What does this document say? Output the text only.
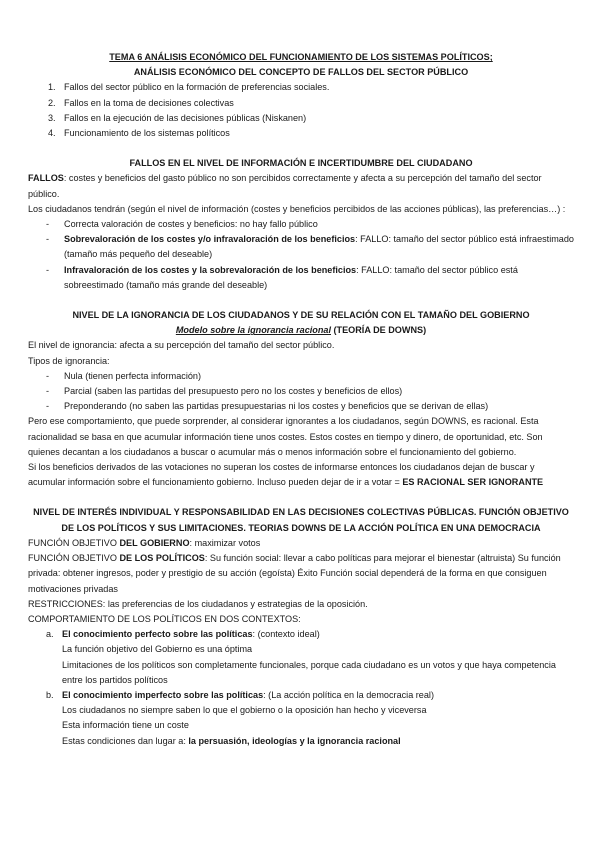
TEMA 6 ANÁLISIS ECONÓMICO DEL FUNCIONAMIENTO DE LOS SISTEMAS POLÍTICOS;

ANÁLISIS ECONÓMICO DEL CONCEPTO DE FALLOS DEL SECTOR PÚBLICO

1. Fallos del sector público en la formación de preferencias sociales.
2. Fallos en la toma de decisiones colectivas
3. Fallos en la ejecución de las decisiones públicas (Niskanen)
4. Funcionamiento de los sistemas políticos

FALLOS EN EL NIVEL DE INFORMACIÓN E INCERTIDUMBRE DEL CIUDADANO

FALLOS: costes y beneficios del gasto público no son percibidos correctamente y afecta a su percepción del tamaño del sector público.

Los ciudadanos tendrán (según el nivel de información (costes y beneficios percibidos de las acciones públicas), las preferencias…) :

- Correcta valoración de costes y beneficios: no hay fallo público
- Sobrevaloración de los costes y/o infravaloración de los beneficios: FALLO: tamaño del sector público está infraestimado (tamaño más pequeño del deseable)
- Infravaloración de los costes y la sobrevaloración de los beneficios: FALLO: tamaño del sector público está sobreestimado (tamaño más grande del deseable)

NIVEL DE LA IGNORANCIA DE LOS CIUDADANOS Y DE SU RELACIÓN CON EL TAMAÑO DEL GOBIERNO

Modelo sobre la ignorancia racional (TEORÍA DE DOWNS)

El nivel de ignorancia: afecta a su percepción del tamaño del sector público.

Tipos de ignorancia:

- Nula (tienen perfecta información)
- Parcial (saben las partidas del presupuesto pero no los costes y beneficios de ellos)
- Preponderando (no saben las partidas presupuestarias ni los costes y beneficios que se derivan de ellas)

Pero ese comportamiento, que puede sorprender, al considerar ignorantes a los ciudadanos, según DOWNS, es racional. Esta racionalidad se basa en que acumular información tiene unos costes. Estos costes en tiempo y dinero, de oportunidad, etc. Son quienes decantan a los ciudadanos a buscar o acumular más o menos información sobre el funcionamiento del gobierno.

Si los beneficios derivados de las votaciones no superan los costes de informarse entonces los ciudadanos dejan de buscar y acumular información sobre el funcionamiento gobierno. Incluso pueden dejar de ir a votar = ES RACIONAL SER IGNORANTE

NIVEL DE INTERÉS INDIVIDUAL Y RESPONSABILIDAD EN LAS DECISIONES COLECTIVAS PÚBLICAS. FUNCIÓN OBJETIVO DE LOS POLÍTICOS Y SUS LIMITACIONES. TEORIAS DOWNS DE LA ACCIÓN POLÍTICA EN UNA DEMOCRACIA

FUNCIÓN OBJETIVO DEL GOBIERNO: maximizar votos

FUNCIÓN OBJETIVO DE LOS POLÍTICOS: Su función social: llevar a cabo políticas para mejorar el bienestar (altruista) Su función privada: obtener ingresos, poder y prestigio de su acción (egoísta) Éxito Función social dependerá de la forma en que consiguen motivaciones privadas

RESTRICCIONES: las preferencias de los ciudadanos y estrategias de la oposición.

COMPORTAMIENTO DE LOS POLÍTICOS EN DOS CONTEXTOS:

a. El conocimiento perfecto sobre las políticas: (contexto ideal)

La función objetivo del Gobierno es una óptima

Limitaciones de los políticos son completamente funcionales, porque cada ciudadano es un votos y que haya competencia entre los partidos políticos

b. El conocimiento imperfecto sobre las políticas: (La acción política en la democracia real)

Los ciudadanos no siempre saben lo que el gobierno o la oposición han hecho y viceversa

Esta información tiene un coste

Estas condiciones dan lugar a: la persuasión, ideologías y la ignorancia racional
